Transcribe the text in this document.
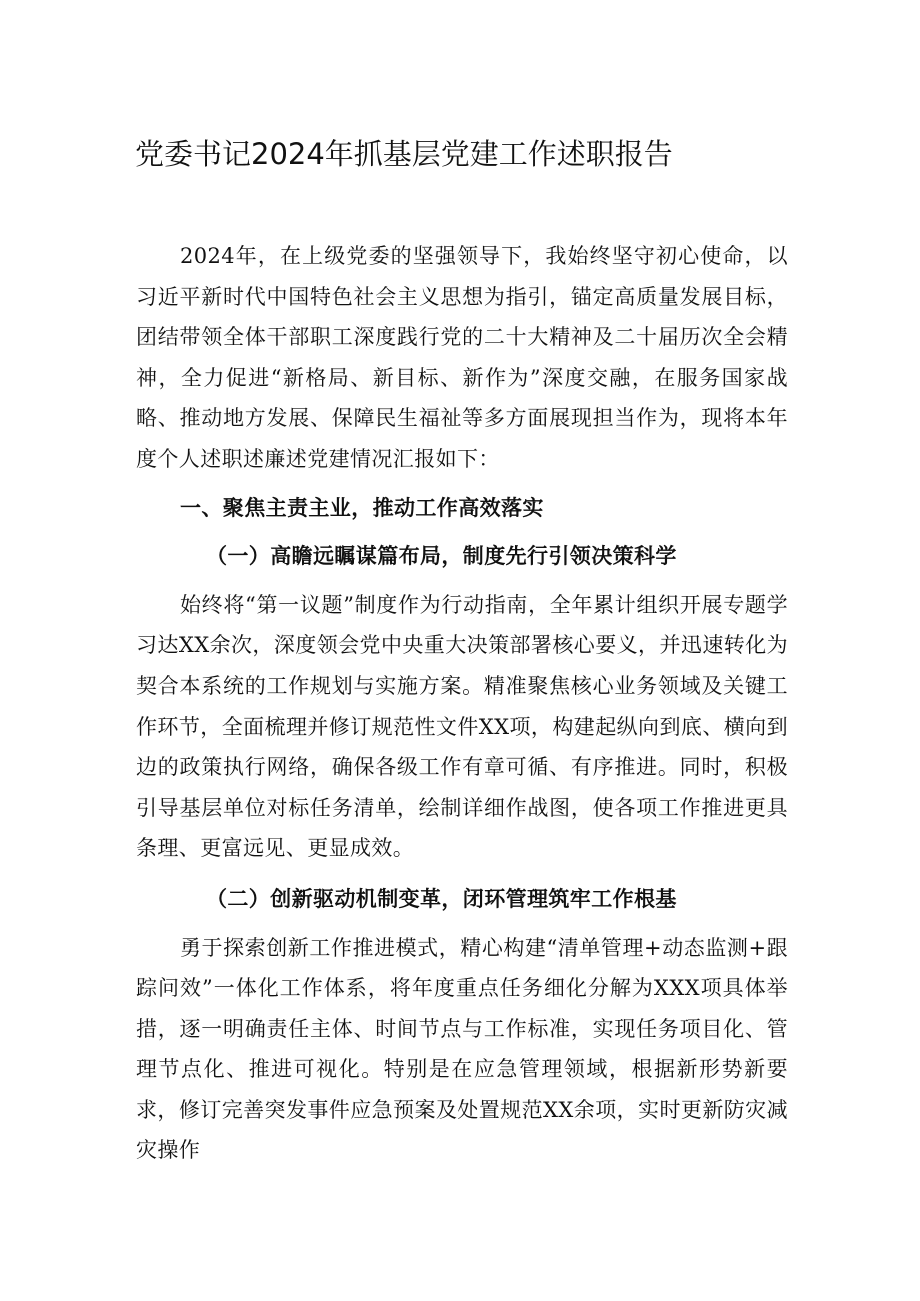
党委书记2024年抓基层党建工作述职报告

2024年，在上级党委的坚强领导下，我始终坚守初心使命，以习近平新时代中国特色社会主义思想为指引，锚定高质量发展目标，团结带领全体干部职工深度践行党的二十大精神及二十届历次全会精神，全力促进“新格局、新目标、新作为”深度交融，在服务国家战略、推动地方发展、保障民生福祉等多方面展现担当作为，现将本年度个人述职述廉述党建情况汇报如下：

一、聚焦主责主业，推动工作高效落实

（一）高瞻远瞩谋篇布局，制度先行引领决策科学

始终将“第一议题”制度作为行动指南，全年累计组织开展专题学习达XX余次，深度领会党中央重大决策部署核心要义，并迅速转化为契合本系统的工作规划与实施方案。精准聚焦核心业务领域及关键工作环节，全面梳理并修订规范性文件XX项，构建起纵向到底、横向到边的政策执行网络，确保各级工作有章可循、有序推进。同时，积极引导基层单位对标任务清单，绘制详细作战图，使各项工作推进更具条理、更富远见、更显成效。

（二）创新驱动机制变革，闭环管理筑牢工作根基

勇于探索创新工作推进模式，精心构建“清单管理+动态监测+跟踪问效”一体化工作体系，将年度重点任务细化分解为XXX项具体举措，逐一明确责任主体、时间节点与工作标准，实现任务项目化、管理节点化、推进可视化。特别是在应急管理领域，根据新形势新要求，修订完善突发事件应急预案及处置规范XX余项，实时更新防灾减灾操作
